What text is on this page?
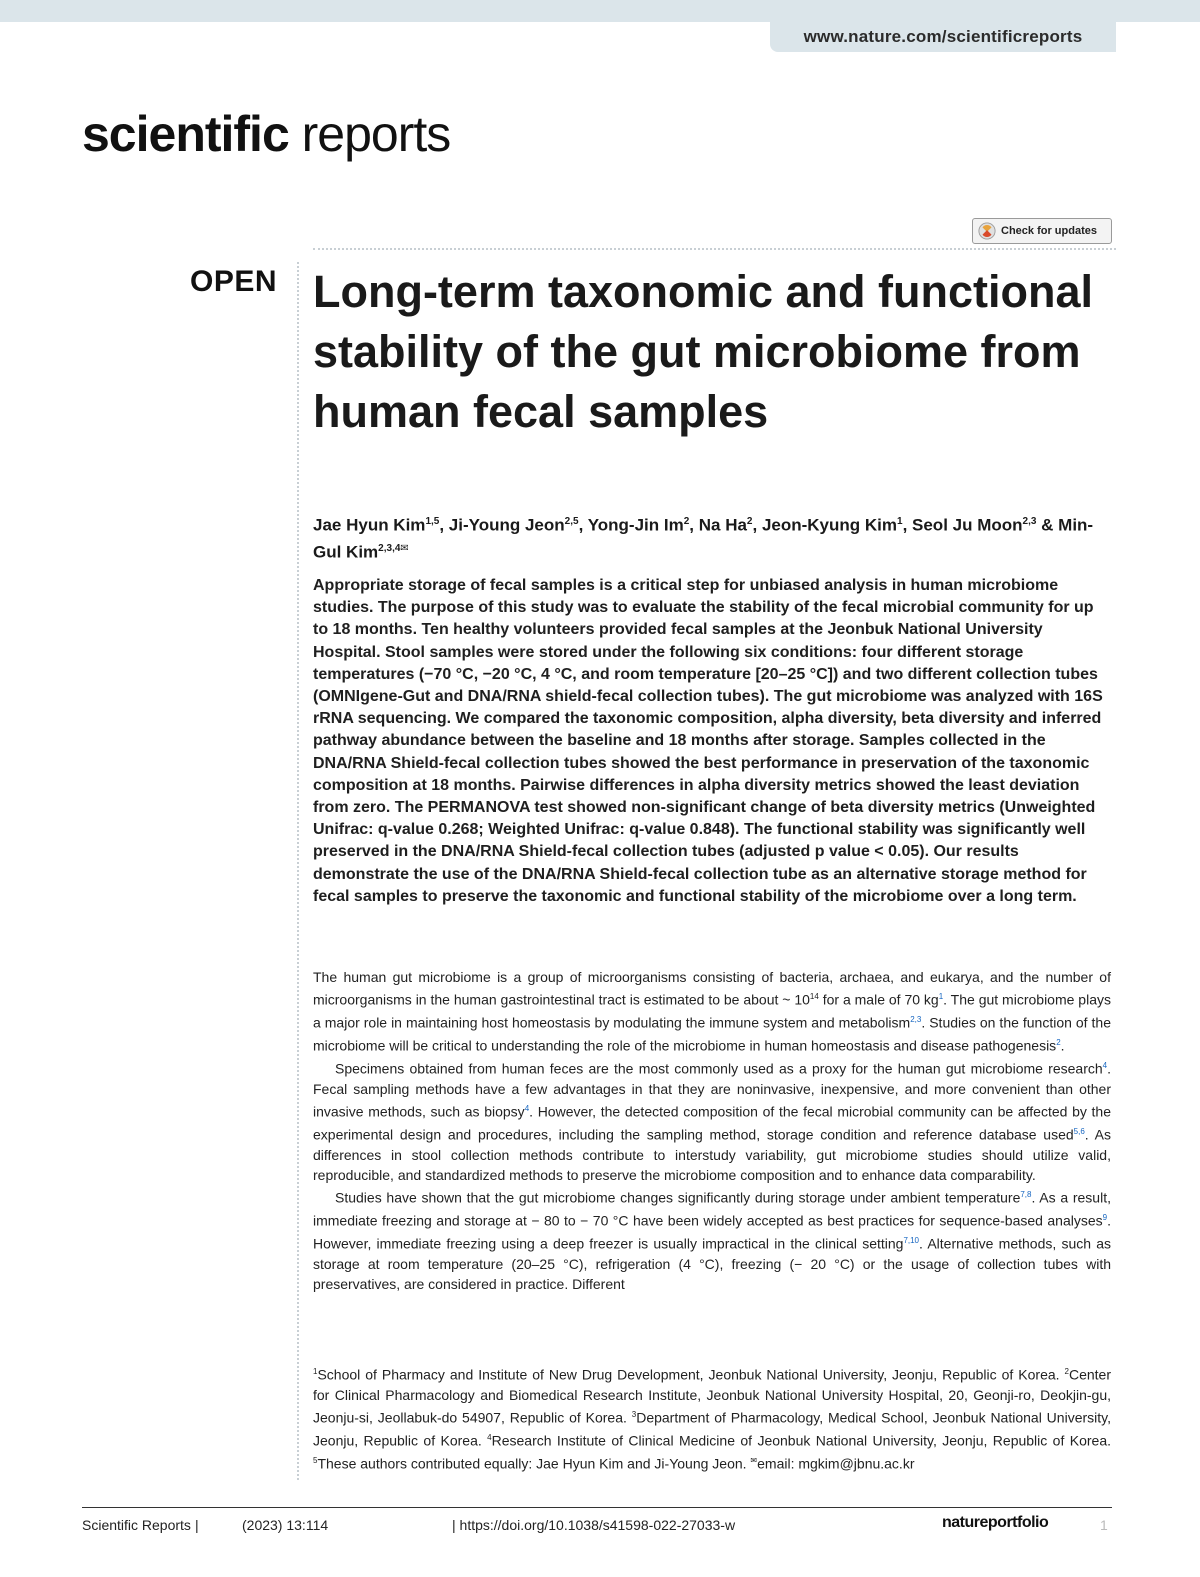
www.nature.com/scientificreports
scientific reports
Check for updates
OPEN Long-term taxonomic and functional stability of the gut microbiome from human fecal samples
Jae Hyun Kim$^{1,5}$, Ji-Young Jeon$^{2,5}$, Yong-Jin Im$^2$, Na Ha$^2$, Jeon-Kyung Kim$^1$, Seol Ju Moon$^{2,3}$ & Min-Gul Kim$^{2,3,4✉}$

Appropriate storage of fecal samples is a critical step for unbiased analysis in human microbiome studies. The purpose of this study was to evaluate the stability of the fecal microbial community for up to 18 months. Ten healthy volunteers provided fecal samples at the Jeonbuk National University Hospital. Stool samples were stored under the following six conditions: four different storage temperatures (−70 °C, −20 °C, 4 °C, and room temperature [20–25 °C]) and two different collection tubes (OMNIgene-Gut and DNA/RNA shield-fecal collection tubes). The gut microbiome was analyzed with 16S rRNA sequencing. We compared the taxonomic composition, alpha diversity, beta diversity and inferred pathway abundance between the baseline and 18 months after storage. Samples collected in the DNA/RNA Shield-fecal collection tubes showed the best performance in preservation of the taxonomic composition at 18 months. Pairwise differences in alpha diversity metrics showed the least deviation from zero. The PERMANOVA test showed non-significant change of beta diversity metrics (Unweighted Unifrac: q-value 0.268; Weighted Unifrac: q-value 0.848). The functional stability was significantly well preserved in the DNA/RNA Shield-fecal collection tubes (adjusted p value < 0.05). Our results demonstrate the use of the DNA/RNA Shield-fecal collection tube as an alternative storage method for fecal samples to preserve the taxonomic and functional stability of the microbiome over a long term.

The human gut microbiome is a group of microorganisms consisting of bacteria, archaea, and eukarya, and the number of microorganisms in the human gastrointestinal tract is estimated to be about ~ $10^{14}$ for a male of 70 $kg^1$. The gut microbiome plays a major role in maintaining host homeostasis by modulating the immune system and metabolism$^{2,3}$. Studies on the function of the microbiome will be critical to understanding the role of the microbiome in human homeostasis and disease pathogenesis$^2$.

Specimens obtained from human feces are the most commonly used as a proxy for the human gut microbiome research$^4$. Fecal sampling methods have a few advantages in that they are noninvasive, inexpensive, and more convenient than other invasive methods, such as biopsy$^4$. However, the detected composition of the fecal microbial community can be affected by the experimental design and procedures, including the sampling method, storage condition and reference database used$^{5,6}$. As differences in stool collection methods contribute to interstudy variability, gut microbiome studies should utilize valid, reproducible, and standardized methods to preserve the microbiome composition and to enhance data comparability.

Studies have shown that the gut microbiome changes significantly during storage under ambient temperature$^{7,8}$. As a result, immediate freezing and storage at − 80 to − 70 °C have been widely accepted as best practices for sequence-based analyses$^9$. However, immediate freezing using a deep freezer is usually impractical in the clinical setting$^{7,10}$. Alternative methods, such as storage at room temperature (20–25 °C), refrigeration (4 °C), freezing (− 20 °C) or the usage of collection tubes with preservatives, are considered in practice. Different

$^1$School of Pharmacy and Institute of New Drug Development, Jeonbuk National University, Jeonju, Republic of Korea. $^2$Center for Clinical Pharmacology and Biomedical Research Institute, Jeonbuk National University Hospital, 20, Geonji-ro, Deokjin-gu, Jeonju-si, Jeollabuk-do 54907, Republic of Korea. $^3$Department of Pharmacology, Medical School, Jeonbuk National University, Jeonju, Republic of Korea. $^4$Research Institute of Clinical Medicine of Jeonbuk National University, Jeonju, Republic of Korea. $^5$These authors contributed equally: Jae Hyun Kim and Ji-Young Jeon. ✉email: mgkim@jbnu.ac.kr

Scientific Reports |	(2023) 13:114	| https://doi.org/10.1038/s41598-022-27033-w	natureportfolio	1
